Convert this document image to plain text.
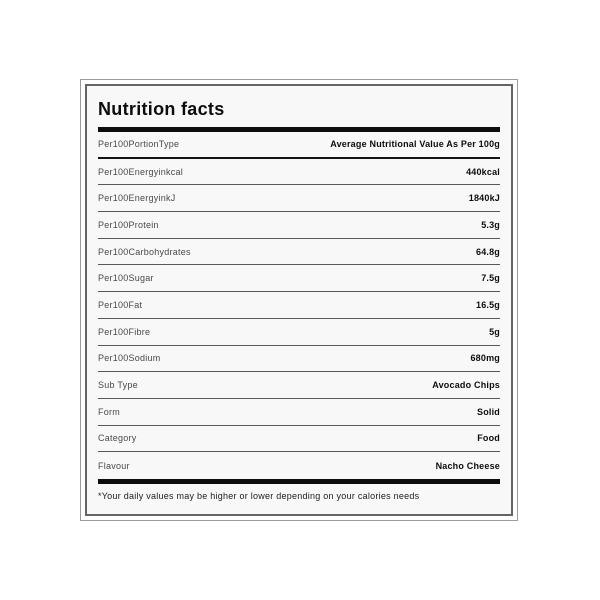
Nutrition facts
Per100PortionType	Average Nutritional Value As Per 100g
Per100Energyinkcal	440kcal
Per100EnergyinkJ	1840kJ
Per100Protein	5.3g
Per100Carbohydrates	64.8g
Per100Sugar	7.5g
Per100Fat	16.5g
Per100Fibre	5g
Per100Sodium	680mg
Sub Type	Avocado Chips
Form	Solid
Category	Food
Flavour	Nacho Cheese
*Your daily values may be higher or lower depending on your calories needs
